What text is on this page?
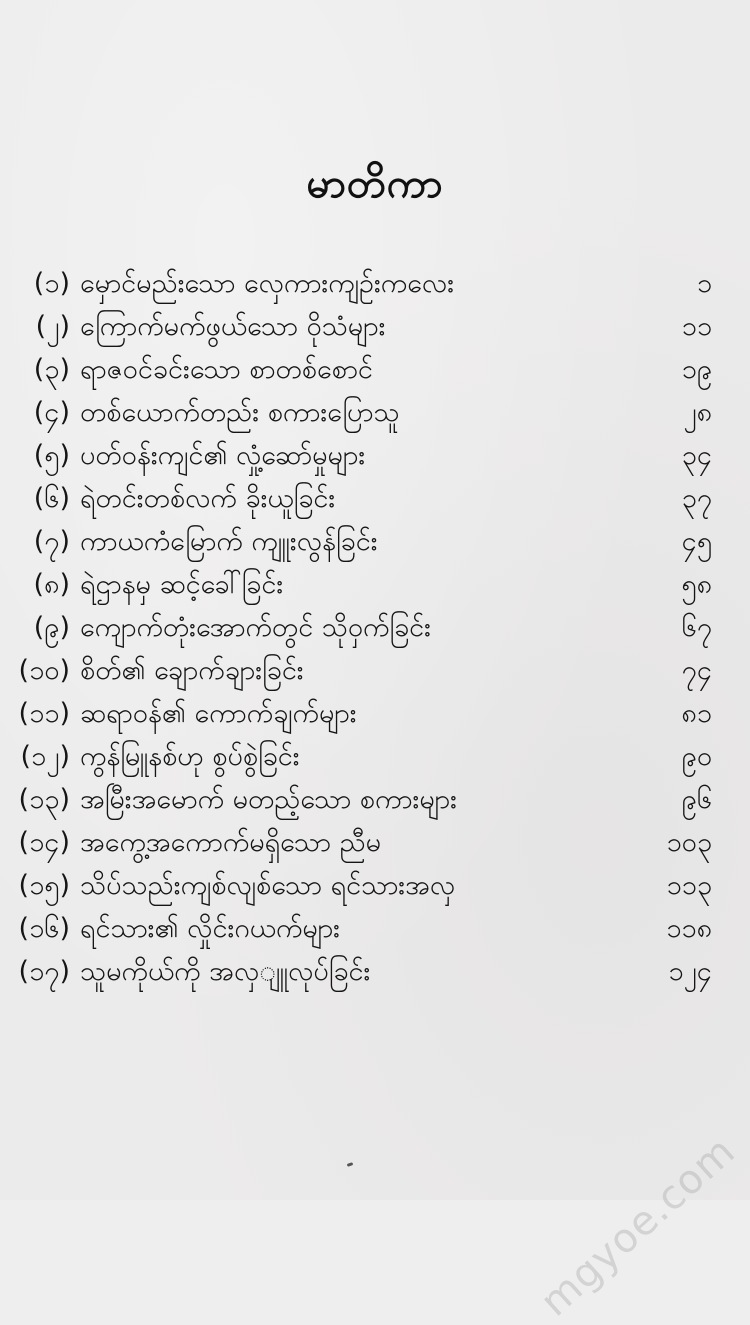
မာတိကာ
(၁) မှောင်မည်းသော လှေကားကျဉ်းကလေး	၁
(၂) ကြောက်မက်ဖွယ်သော ဝိုသံများ	၁၁
(၃) ရာဇဝင်ခင်းသော စာတစ်စောင်	၁၉
(၄) တစ်ယောက်တည်း စကားပြောသူ	၂၈
(၅) ပတ်ဝန်းကျင်၏ လှုံ့ဆော်မှုများ	၃၄
(၆) ရဲတင်းတစ်လက် ခိုးယူခြင်း	၃၇
(၇) ကာယကံမြောက် ကျူးလွန်ခြင်း	၄၅
(၈) ရဲဌာနမှ ဆင့်ခေါ်ခြင်း	၅၈
(၉) ကျောက်တုံးအောက်တွင် သိုဝှက်ခြင်း	၆၇
(၁၀) စိတ်၏ ချောက်ချားခြင်း	၇၄
(၁၁) ဆရာဝန်၏ ကောက်ချက်များ	၈၁
(၁၂) ကွန်မြူနစ်ဟု စွပ်စွဲခြင်း	၉၀
(၁၃) အမြီးအမောက် မတည့်သော စကားများ	၉၆
(၁၄) အကွေ့အကောက်မရှိသော ညီမ	၁၀၃
(၁၅) သိပ်သည်းကျစ်လျစ်သော ရင်သားအလှ	၁၁၃
(၁၆) ရင်သား၏ လှိုင်းဂယက်များ	၁၁၈
(၁၇) သူမကိုယ်ကို အလှျူလုပ်ခြင်း	၁၂၄
mgyoe.com
